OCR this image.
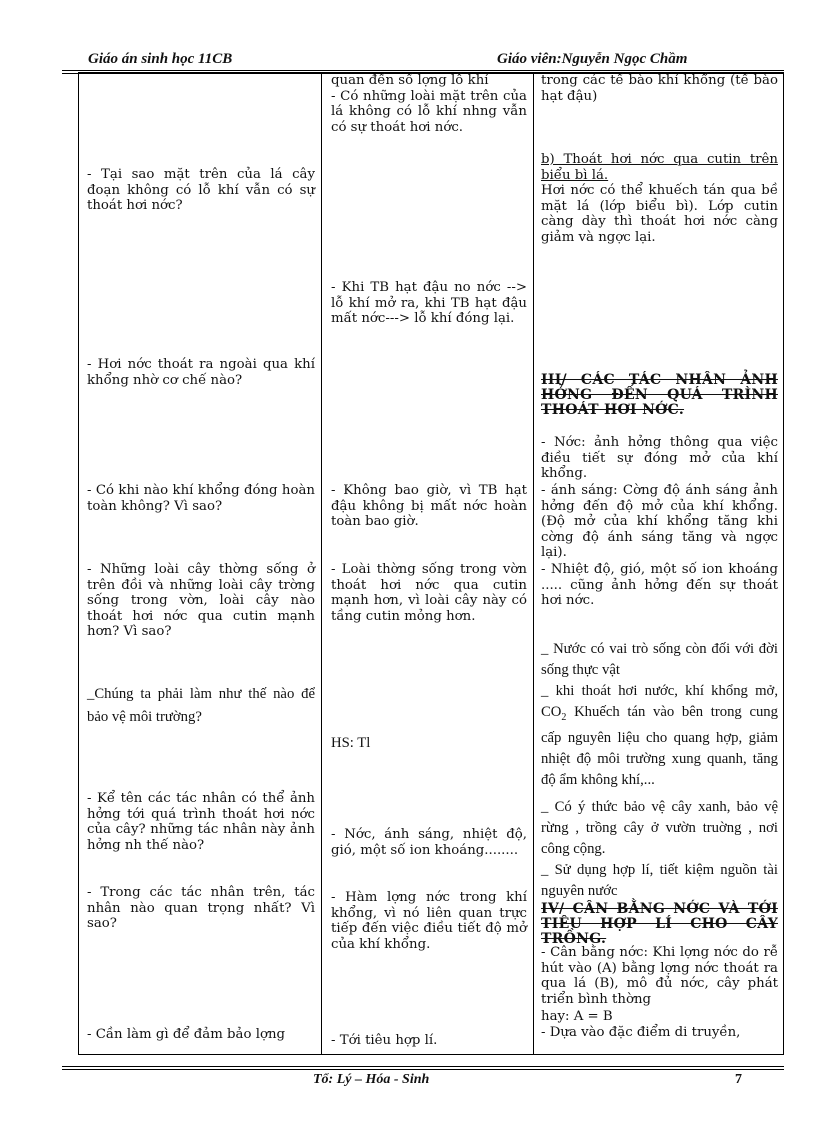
Giáo án sinh học 11CB	Giáo viên:Nguyễn Ngọc Chầm
- Tại sao mặt trên của lá cây đoạn không có lỗ khí vẫn có sự thoát hơi nớc?
- Hơi nớc thoát ra ngoài qua khí khổng nhờ cơ chế nào?
- Có khi nào khí khổng đóng hoàn toàn không? Vì sao?
- Những loài cây thờng sống ở trên đồi và những loài cây trờng sống trong vờn, loài cây nào thoát hơi nớc qua cutin mạnh hơn? Vì sao?
_Chúng ta phải làm như thế nào để bảo vệ môi trường?
- Kể tên các tác nhân có thể ảnh hởng tới quá trình thoát hơi nớc của cây? những tác nhân này ảnh hởng nh thế nào?
- Trong các tác nhân trên, tác nhân nào quan trọng nhất? Vì sao?
- Cần làm gì để đảm bảo lợng
quan đến số lợng lỗ khí
- Có những loài mặt trên của lá không có lỗ khí nhng vẫn có sự thoát hơi nớc.
- Khi TB hạt đậu no nớc --> lỗ khí mở ra, khi TB hạt đậu mất nớc---> lỗ khí đóng lại.
- Không bao giờ, vì TB hạt đậu không bị mất nớc hoàn toàn bao giờ.
- Loài thờng sống trong vờn thoát hơi nớc qua cutin mạnh hơn, vì loài cây này có tầng cutin mỏng hơn.
HS: Tl
- Nớc, ánh sáng, nhiệt độ, gió, một số ion khoáng........
- Hàm lợng nớc trong khí khổng, vì nó liên quan trực tiếp đến việc điều tiết độ mở của khí khổng.
- Tới tiêu hợp lí.
trong các tế bào khí khổng (tế bào hạt đậu)
b) Thoát hơi nớc qua cutin trên biểu bì lá.
Hơi nớc có thể khuếch tán qua bề mặt lá (lớp biểu bì). Lớp cutin càng dày thì thoát hơi nớc càng giảm và ngợc lại.
III/ CÁC TÁC NHÂN ẢNH HỞNG ĐẾN QUÁ TRÌNH THOÁT HƠI NỚC.
- Nớc: ảnh hởng thông qua việc điều tiết sự đóng mở của khí khổng.
- ánh sáng: Cờng độ ánh sáng ảnh hởng đến độ mở của khí khổng. (Độ mở của khí khổng tăng khi cờng độ ánh sáng tăng và ngợc lại).
- Nhiệt độ, gió, một số ion khoáng ..... cũng ảnh hởng đến sự thoát hơi nớc.
_ Nước có vai trò sống còn đối với đời sống thực vật
_ khi thoát hơi nước, khí khổng mở, $CO_2$ Khuếch tán vào bên trong cung cấp nguyên liệu cho quang hợp, giảm nhiệt độ môi trường xung quanh, tăng độ ẩm không khí,...
_ Có ý thức bảo vệ cây xanh, bảo vệ rừng , trồng cây ở vườn truờng , nơi công cộng.
_ Sử dụng hợp lí, tiết kiệm nguồn tài nguyên nước
IV/ CÂN BẰNG NỚC VÀ TỚI TIÊU HỢP LÍ CHO CÂY TRỒNG.
- Cân bằng nớc: Khi lợng nớc do rễ hút vào (A) bằng lợng nớc thoát ra qua lá (B), mô đủ nớc, cây phát triển bình thờng
hay: A = B
- Dựa vào đặc điểm di truyền,
Tổ: Lý – Hóa - Sinh	7
